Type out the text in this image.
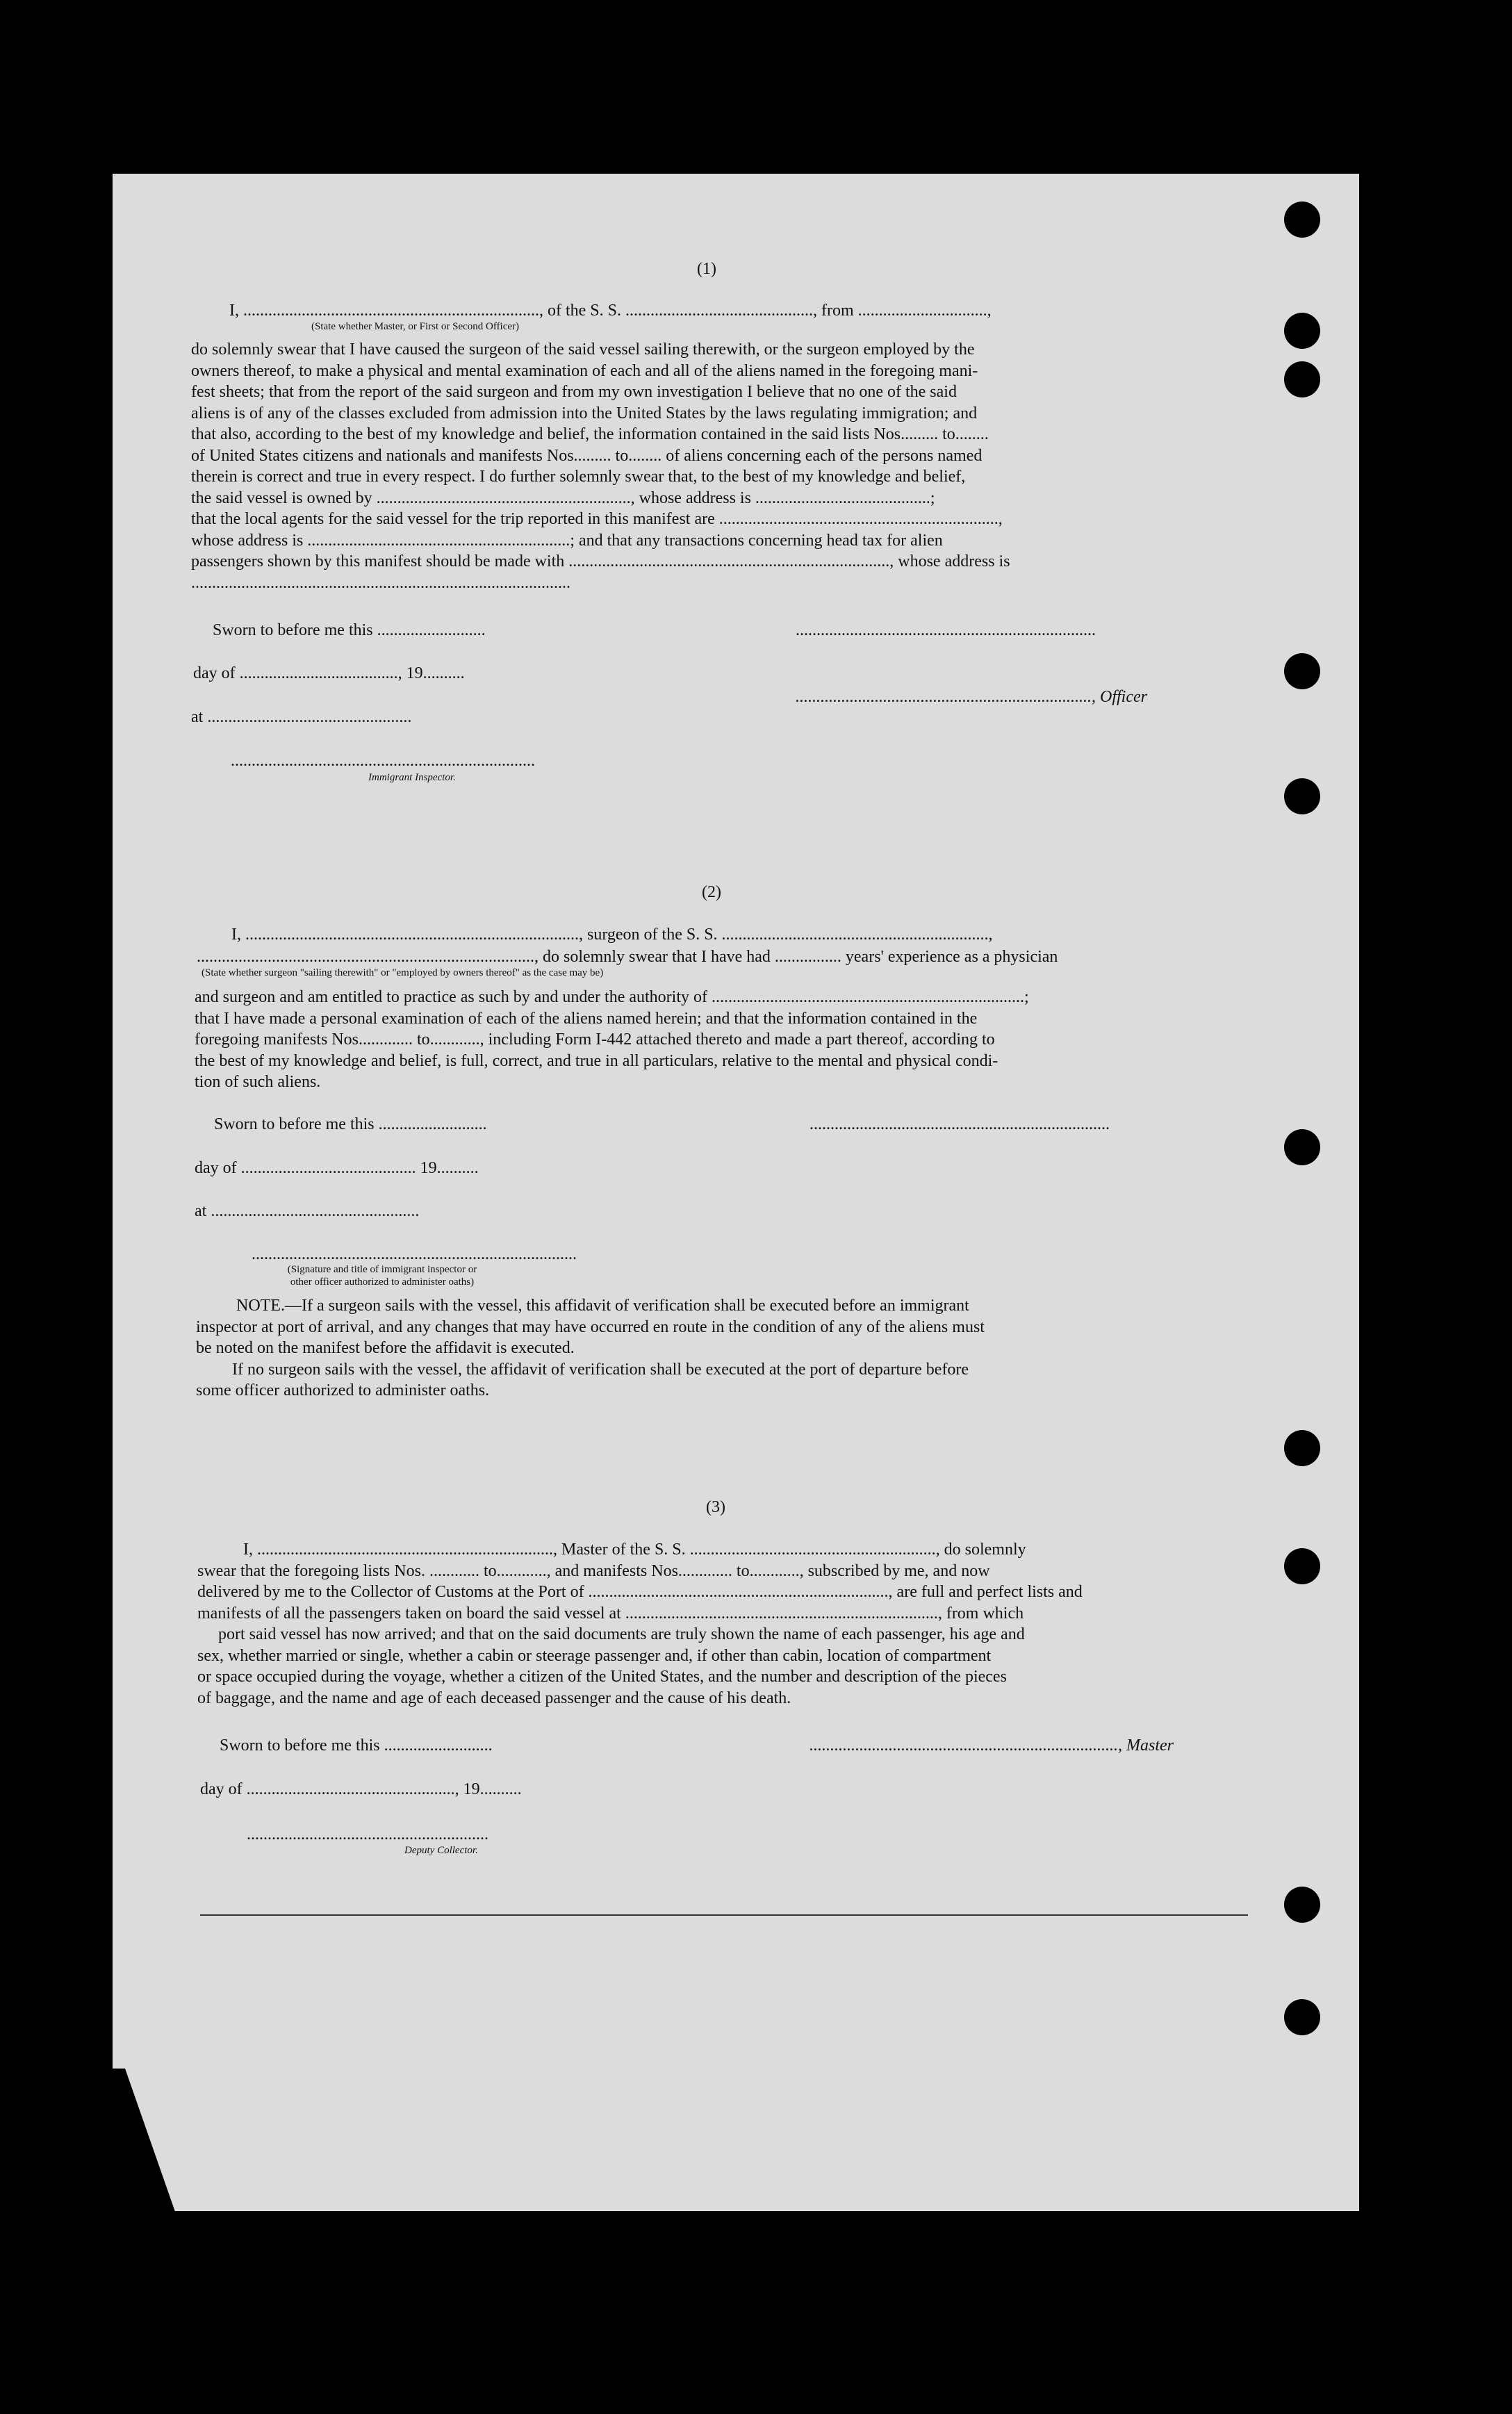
(1)
I, ......................................................................., of the S. S. ............................................., from ...............................,
(State whether Master, or First or Second Officer)
do solemnly swear that I have caused the surgeon of the said vessel sailing therewith, or the surgeon employed by the
owners thereof, to make a physical and mental examination of each and all of the aliens named in the foregoing mani-
fest sheets; that from the report of the said surgeon and from my own investigation I believe that no one of the said
aliens is of any of the classes excluded from admission into the United States by the laws regulating immigration; and
that also, according to the best of my knowledge and belief, the information contained in the said lists Nos......... to........
of United States citizens and nationals and manifests Nos......... to........ of aliens concerning each of the persons named
therein is correct and true in every respect. I do further solemnly swear that, to the best of my knowledge and belief,
the said vessel is owned by ............................................................., whose address is ..........................................;
that the local agents for the said vessel for the trip reported in this manifest are ...................................................................,
whose address is ...............................................................; and that any transactions concerning head tax for alien
passengers shown by this manifest should be made with ............................................................................., whose address is
...........................................................................................
Sworn to before me this ..........................	........................................................................
day of ......................................, 19..........
......................................................................., Officer
at .................................................
.........................................................................
Immigrant Inspector.
(2)
I, ................................................................................, surgeon of the S. S. ................................................................,
................................................................................., do solemnly swear that I have had ................ years' experience as a physician
(State whether surgeon "sailing therewith" or "employed by owners thereof" as the case may be)
and surgeon and am entitled to practice as such by and under the authority of ...........................................................................;
that I have made a personal examination of each of the aliens named herein; and that the information contained in the
foregoing manifests Nos............. to............, including Form I-442 attached thereto and made a part thereof, according to
the best of my knowledge and belief, is full, correct, and true in all particulars, relative to the mental and physical condi-
tion of such aliens.
Sworn to before me this ..........................	........................................................................
day of .......................................... 19..........
at ..................................................
..............................................................................
(Signature and title of immigrant inspector or
other officer authorized to administer oaths)
NOTE.—If a surgeon sails with the vessel, this affidavit of verification shall be executed before an immigrant
inspector at port of arrival, and any changes that may have occurred en route in the condition of any of the aliens must
be noted on the manifest before the affidavit is executed.
If no surgeon sails with the vessel, the affidavit of verification shall be executed at the port of departure before
some officer authorized to administer oaths.
(3)
I, ......................................................................., Master of the S. S. ..........................................................., do solemnly
swear that the foregoing lists Nos. ............ to............, and manifests Nos............. to............, subscribed by me, and now
delivered by me to the Collector of Customs at the Port of ........................................................................, are full and perfect lists and
manifests of all the passengers taken on board the said vessel at ..........................................................................., from which
port said vessel has now arrived; and that on the said documents are truly shown the name of each passenger, his age and
sex, whether married or single, whether a cabin or steerage passenger and, if other than cabin, location of compartment
or space occupied during the voyage, whether a citizen of the United States, and the number and description of the pieces
of baggage, and the name and age of each deceased passenger and the cause of his death.
Sworn to before me this ..........................	.........................................................................., Master
day of .................................................., 19..........
..........................................................
Deputy Collector.
